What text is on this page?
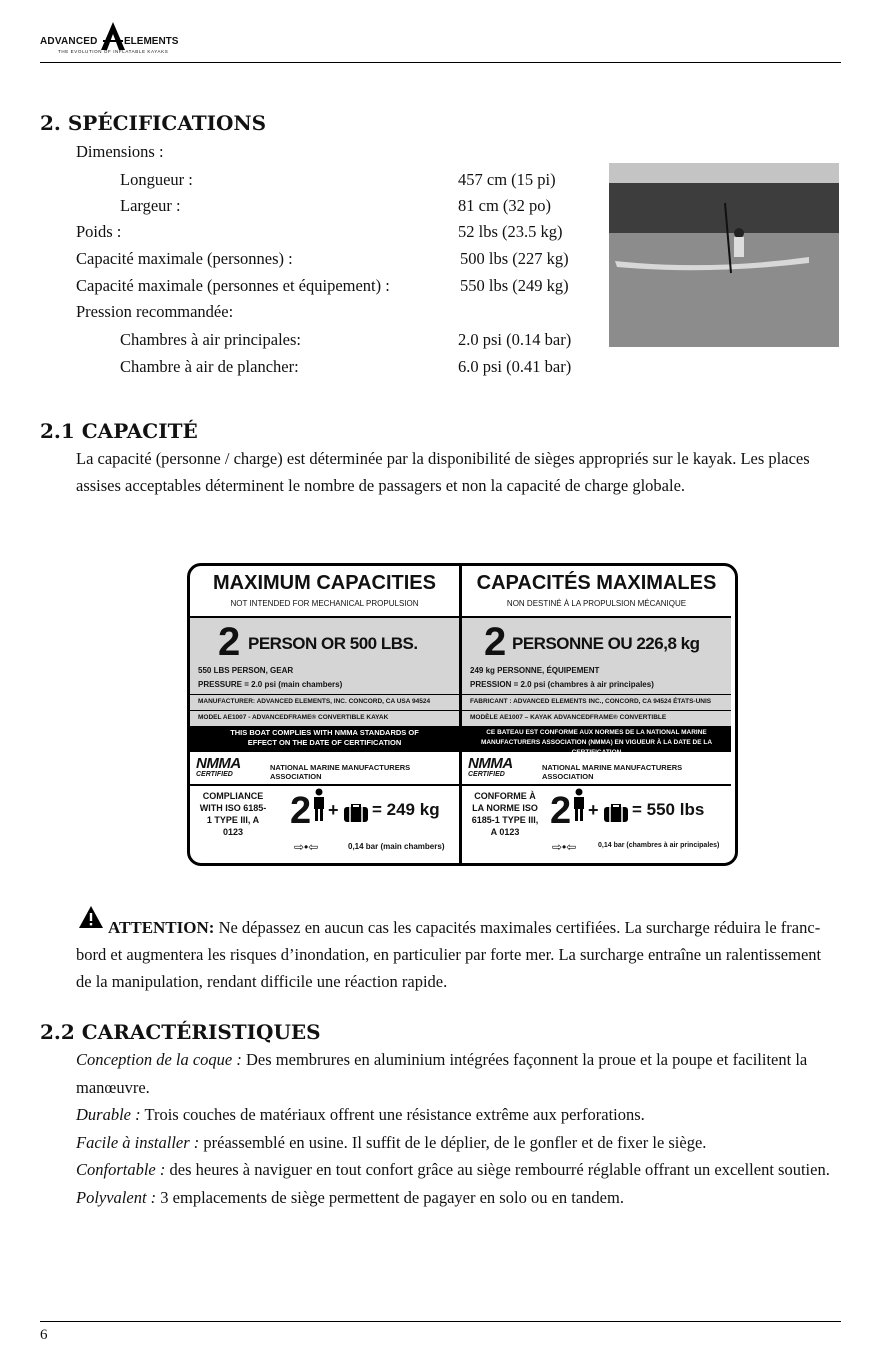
ADVANCED	ELEMENTS
THE EVOLUTION OF INFLATABLE KAYAKS
2. SPÉCIFICATIONS
Dimensions :
Longueur :	457 cm (15 pi)
Largeur :	81 cm (32 po)
Poids :	52 lbs (23.5 kg)
Capacité maximale (personnes) :	500 lbs (227 kg)
Capacité maximale (personnes et équipement) :	550 lbs (249 kg)
Pression recommandée:
Chambres à air principales:	2.0 psi (0.14 bar)
Chambre à air de plancher:	6.0 psi (0.41 bar)
2.1 CAPACITÉ
La capacité (personne / charge) est déterminée par la disponibilité de sièges appropriés sur le kayak. Les places assises acceptables déterminent le nombre de passagers et non la capacité de charge globale.
MAXIMUM CAPACITIES
NOT INTENDED FOR MECHANICAL PROPULSION
2 PERSON OR 500 LBS.
550 LBS PERSON, GEAR
PRESSURE = 2.0 psi (main chambers)
MANUFACTURER: ADVANCED ELEMENTS, INC. CONCORD, CA USA 94524
MODEL AE1007 - ADVANCEDFRAME® CONVERTIBLE KAYAK
THIS BOAT COMPLIES WITH NMMA STANDARDS OF EFFECT ON THE DATE OF CERTIFICATION
NMMA
CERTIFIED
NATIONAL MARINE MANUFACTURERS ASSOCIATION
COMPLIANCE WITH ISO 6185-1 TYPE III, A 0123	2 + = 249 kg
⇨•⇦	0,14 bar (main chambers)
CAPACITÉS MAXIMALES
NON DESTINÉ À LA PROPULSION MÉCANIQUE
2 PERSONNE OU 226,8 kg
249 kg PERSONNE, ÉQUIPEMENT
PRESSION = 2.0 psi (chambres à air principales)
FABRICANT : ADVANCED ELEMENTS INC., CONCORD, CA 94524 ÉTATS-UNIS
MODÈLE AE1007 – KAYAK ADVANCEDFRAME® CONVERTIBLE
CE BATEAU EST CONFORME AUX NORMES DE LA NATIONAL MARINE MANUFACTURERS ASSOCIATION (NMMA) EN VIGUEUR À LA DATE DE LA CERTIFICATION
NMMA
CERTIFIED
NATIONAL MARINE MANUFACTURERS ASSOCIATION
CONFORME À LA NORME ISO 6185-1 TYPE III, A 0123 2 + = 550 lbs
⇨•⇦	0,14 bar (chambres à air principales)
ATTENTION: Ne dépassez en aucun cas les capacités maximales certifiées. La surcharge réduira le franc-bord et augmentera les risques d’inondation, en particulier par forte mer. La surcharge entraîne un ralentissement de la manipulation, rendant difficile une réaction rapide.
2.2 CARACTÉRISTIQUES
Conception de la coque : Des membrures en aluminium intégrées façonnent la proue et la poupe et facilitent la manœuvre.
Durable : Trois couches de matériaux offrent une résistance extrême aux perforations.
Facile à installer : préassemblé en usine. Il suffit de le déplier, de le gonfler et de fixer le siège.
Confortable : des heures à naviguer en tout confort grâce au siège rembourré réglable offrant un excellent soutien.
Polyvalent : 3 emplacements de siège permettent de pagayer en solo ou en tandem.
6
